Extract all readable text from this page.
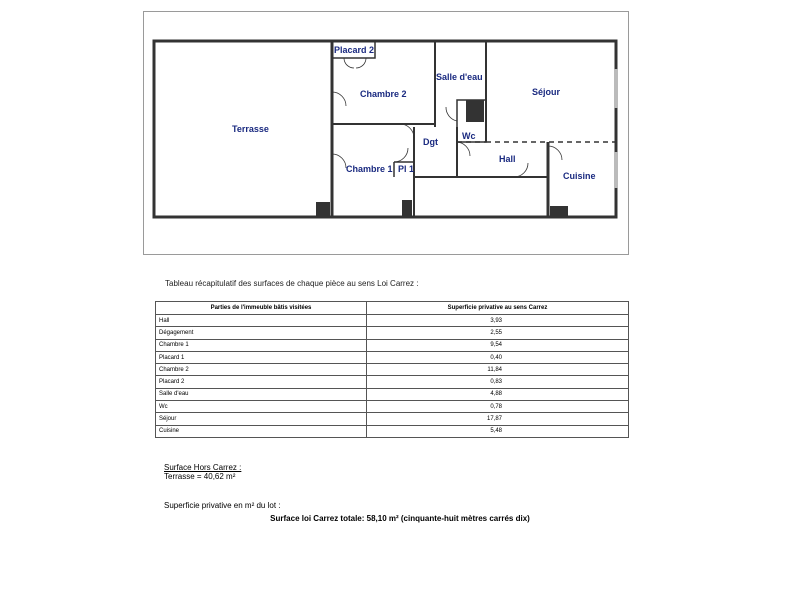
Terrasse
Placard 2
Chambre 2
Salle d'eau
Séjour
Dgt
Wc
Hall
Chambre 1 Pl 1
Cuisine
Tableau récapitulatif des surfaces de chaque pièce au sens Loi Carrez :
Parties de l'immeuble bâtis visitées	Superficie privative au sens Carrez
Hall	3,93
Dégagement	2,55
Chambre 1	9,54
Placard 1	0,40
Chambre 2	11,84
Placard 2	0,83
Salle d'eau	4,88
Wc	0,78
Séjour	17,87
Cuisine	5,48
Surface Hors Carrez :
Terrasse = 40,62 m²
Superficie privative en m² du lot :
Surface loi Carrez totale: 58,10 m² (cinquante-huit mètres carrés dix)
